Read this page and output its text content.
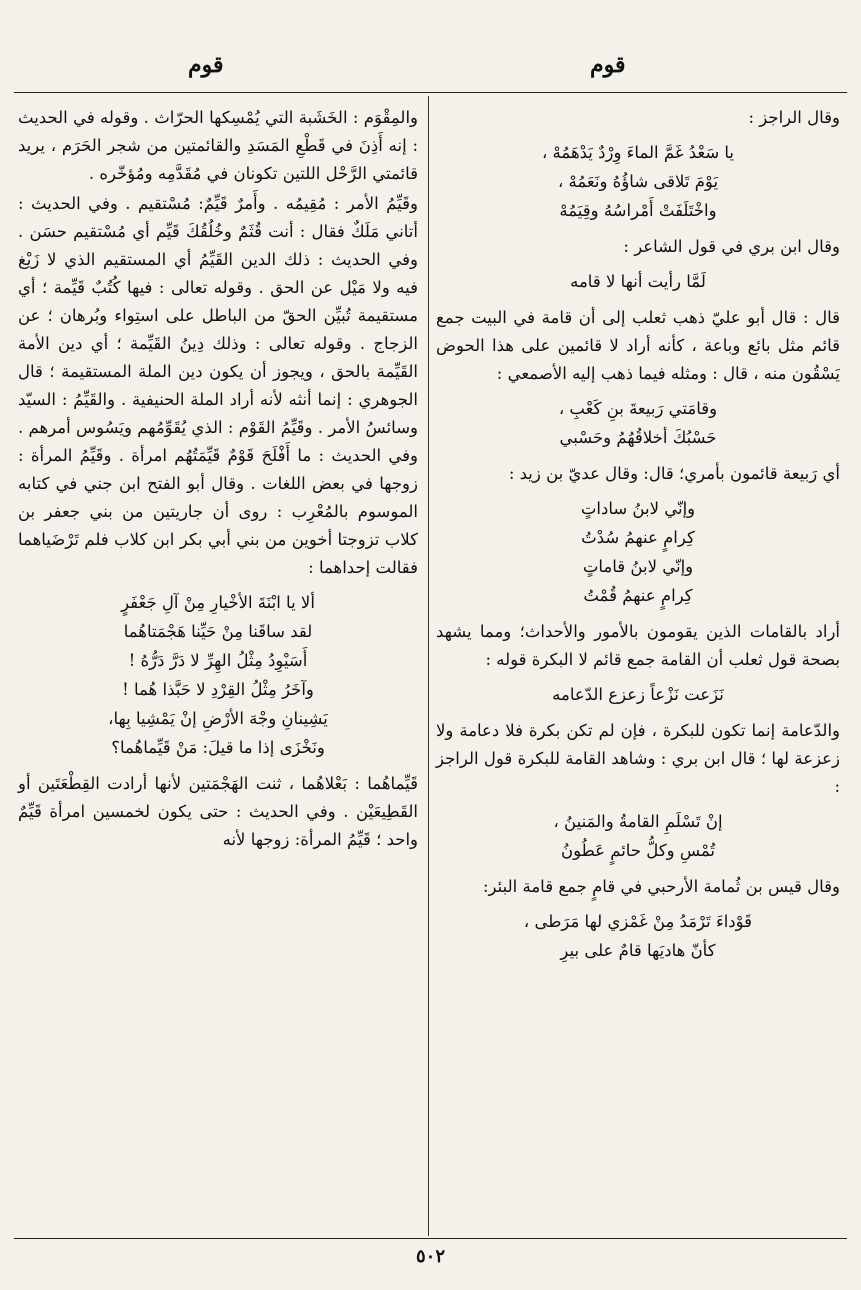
قوم
قوم

وقال الراجز :

يا سَعْدُ غَمَّ الماءَ وِرْدٌ يَدْهَمُهْ ،
يَوْمَ تَلاقى شاؤُهُ ونَعَمُهْ ،
واخْتَلَفَتْ أَمْراسُهُ وقِيَمُهْ

وقال ابن بري في قول الشاعر :

لَمَّا رأيت أنها لا قامه

قال : قال أبو عليّ ذهب ثعلب إلى أن قامة في البيت جمع قائم مثل بائع وباعة ، كأنه أراد لا قائمين على هذا الحوض يَسْقُون منه ، قال : ومثله فيما ذهب إليه الأصمعي :

وقامَتي رَبيعةَ بنِ كَعْبِ ،
حَسْبُكَ أخلاقُهُمُ وحَسْبي

أي رَبيعة قائمون بأمري؛ قال: وقال عديّ بن زيد :

وإنّي لابنُ ساداتٍ
كِرامٍ عنهمُ سُدْتُ
وإنّي لابنُ قاماتٍ
كِرامٍ عنهمُ قُمْتُ

أراد بالقامات الذين يقومون بالأمور والأحداث؛ ومما يشهد بصحة قول ثعلب أن القامة جمع قائم لا البكرة قوله :

نَزَعت نَزْعاً زعزع الدّعامه

والدّعامة إنما تكون للبكرة ، فإن لم تكن بكرة فلا دعامة ولا زعزعة لها ؛ قال ابن بري : وشاهد القامة للبكرة قول الراجز :

إنْ تَسْلَمِ القامةُ والمَنينُ ،
تُمْسِ وكلُّ حائمٍ عَطُونُ

وقال قيس بن ثُمامة الأرحبي في قامٍ جمع قامة البئر:

قَوْداءَ تَرْمَدُ مِنْ غَمْزي لها مَرَطى ،
كأنّ هاديَها قامٌ على بيرِ

والمِقْوَم : الخَشَبة التي يُمْسِكها الحرّاث . وقوله في الحديث : إنه أَذِنَ في قَطْعِ المَسَدِ والقائمتين من شجر الحَرَم ، يريد قائمتي الرَّحْل اللتين تكونان في مُقَدَّمِه ومُؤخّره .

وقَيِّمُ الأمر : مُقِيمُه . وأَمرٌ قَيِّمٌ: مُسْتقيم . وفي الحديث : أتاني مَلَكٌ فقال : أنت قُثَمٌ وخُلُقُكَ قَيِّم أي مُسْتقيم حسَن . وفي الحديث : ذلك الدين القَيِّمُ أي المستقيم الذي لا زَيْغ فيه ولا مَيْل عن الحق . وقوله تعالى : فيها كُتُبٌ قَيِّمة ؛ أي مستقيمة تُبيِّن الحقّ من الباطل على استِواء وبُرهان ؛ عن الزجاج . وقوله تعالى : وذلك دِينُ القَيِّمة ؛ أي دين الأمة القَيِّمة بالحق ، ويجوز أن يكون دين الملة المستقيمة ؛ قال الجوهري : إنما أنثه لأنه أراد الملة الحنيفية . والقَيِّمُ : السيّد وسائسُ الأمر . وقَيِّمُ القَوْم : الذي يُقَوِّمُهم ويَسُوس أمرهم . وفي الحديث : ما أَفْلَحَ قَوْمٌ قَيِّمَتُهُم امرأة . وقَيِّمُ المرأة : زوجها في بعض اللغات . وقال أبو الفتح ابن جني في كتابه الموسوم بالمُعْرِب : روى أن جاريتين من بني جعفر بن كلاب تزوجتا أخوين من بني أبي بكر ابن كلاب فلم تَرْضَياهما فقالت إحداهما :

ألا يا ابْنَةَ الأخْيارِ مِنْ آلِ جَعْفَرٍ
لقد ساقَنا مِنْ حَيِّنا هَجْمَتاهُما
أَسَيْوِدُ مِثْلُ الهِرِّ لا دَرَّ دَرُّهُ !
وآخَرُ مِثْلُ القِرْدِ لا حَبَّذا هُما !
يَشِينانِ وجْهَ الأرْضِ إنْ يَمْشِيا بِها،
ونَخْزَى إذا ما قيلَ: مَنْ قَيِّماهُما؟

قَيِّماهُما : بَعْلاهُما ، ثنت الهَجْمَتين لأنها أرادت القِطْعَتَين أو القَطِيعَيْن . وفي الحديث : حتى يكون لخمسين امرأة قَيِّمٌ واحد ؛ قَيِّمُ المرأة: زوجها لأنه

٥٠٢
